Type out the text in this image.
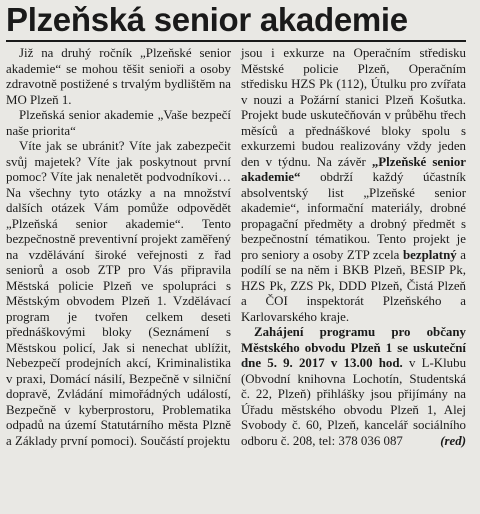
Plzeňská senior akademie

Již na druhý ročník „Plzeňské senior akademie“ se mohou těšit senioři a osoby zdravotně postižené s trvalým bydlištěm na MO Plzeň 1.

Plzeňská senior akademie „Vaše bezpečí naše priorita“

Víte jak se ubránit? Víte jak zabezpečit svůj majetek? Víte jak poskytnout první pomoc? Víte jak nenaletět podvodníkovi… Na všechny tyto otázky a na množství dalších otázek Vám pomůže odpovědět „Plzeňská senior akademie“. Tento bezpečnostně preventivní projekt zaměřený na vzdělávání široké veřejnosti z řad seniorů a osob ZTP pro Vás připravila Městská policie Plzeň ve spolupráci s Městským obvodem Plzeň 1. Vzdělávací program je tvořen celkem deseti přednáškovými bloky (Seznámení s Městskou policí, Jak si nenechat ublížit, Nebezpečí prodejních akcí, Kriminalistika v praxi, Domácí násilí, Bezpečně v silniční dopravě, Zvládání mimořádných událostí, Bezpečně v kyberprostoru, Problematika odpadů na území Statutárního města Plzně a Základy první pomoci). Součástí projektu

jsou i exkurze na Operačním středisku Městské policie Plzeň, Operačním středisku HZS Pk (112), Útulku pro zvířata v nouzi a Požární stanici Plzeň Košutka. Projekt bude uskutečňován v průběhu třech měsíců a přednáškové bloky spolu s exkurzemi budou realizovány vždy jeden den v týdnu. Na závěr „Plzeňské senior akademie“ obdrží každý účastník absolventský list „Plzeňské senior akademie“, informační materiály, drobné propagační předměty a drobný předmět s bezpečnostní tématikou. Tento projekt je pro seniory a osoby ZTP zcela bezplatný a podílí se na něm i BKB Plzeň, BESIP Pk, HZS Pk, ZZS Pk, DDD Plzeň, Čistá Plzeň a ČOI inspektorát Plzeňského a Karlovarského kraje.

Zahájení programu pro občany Městského obvodu Plzeň 1 se uskuteční dne 5. 9. 2017 v 13.00 hod. v L-Klubu (Obvodní knihovna Lochotín, Studentská č. 22, Plzeň) přihlášky jsou přijímány na Úřadu městského obvodu Plzeň 1, Alej Svobody č. 60, Plzeň, kancelář sociálního odboru č. 208, tel: 378 036 087	(red)
